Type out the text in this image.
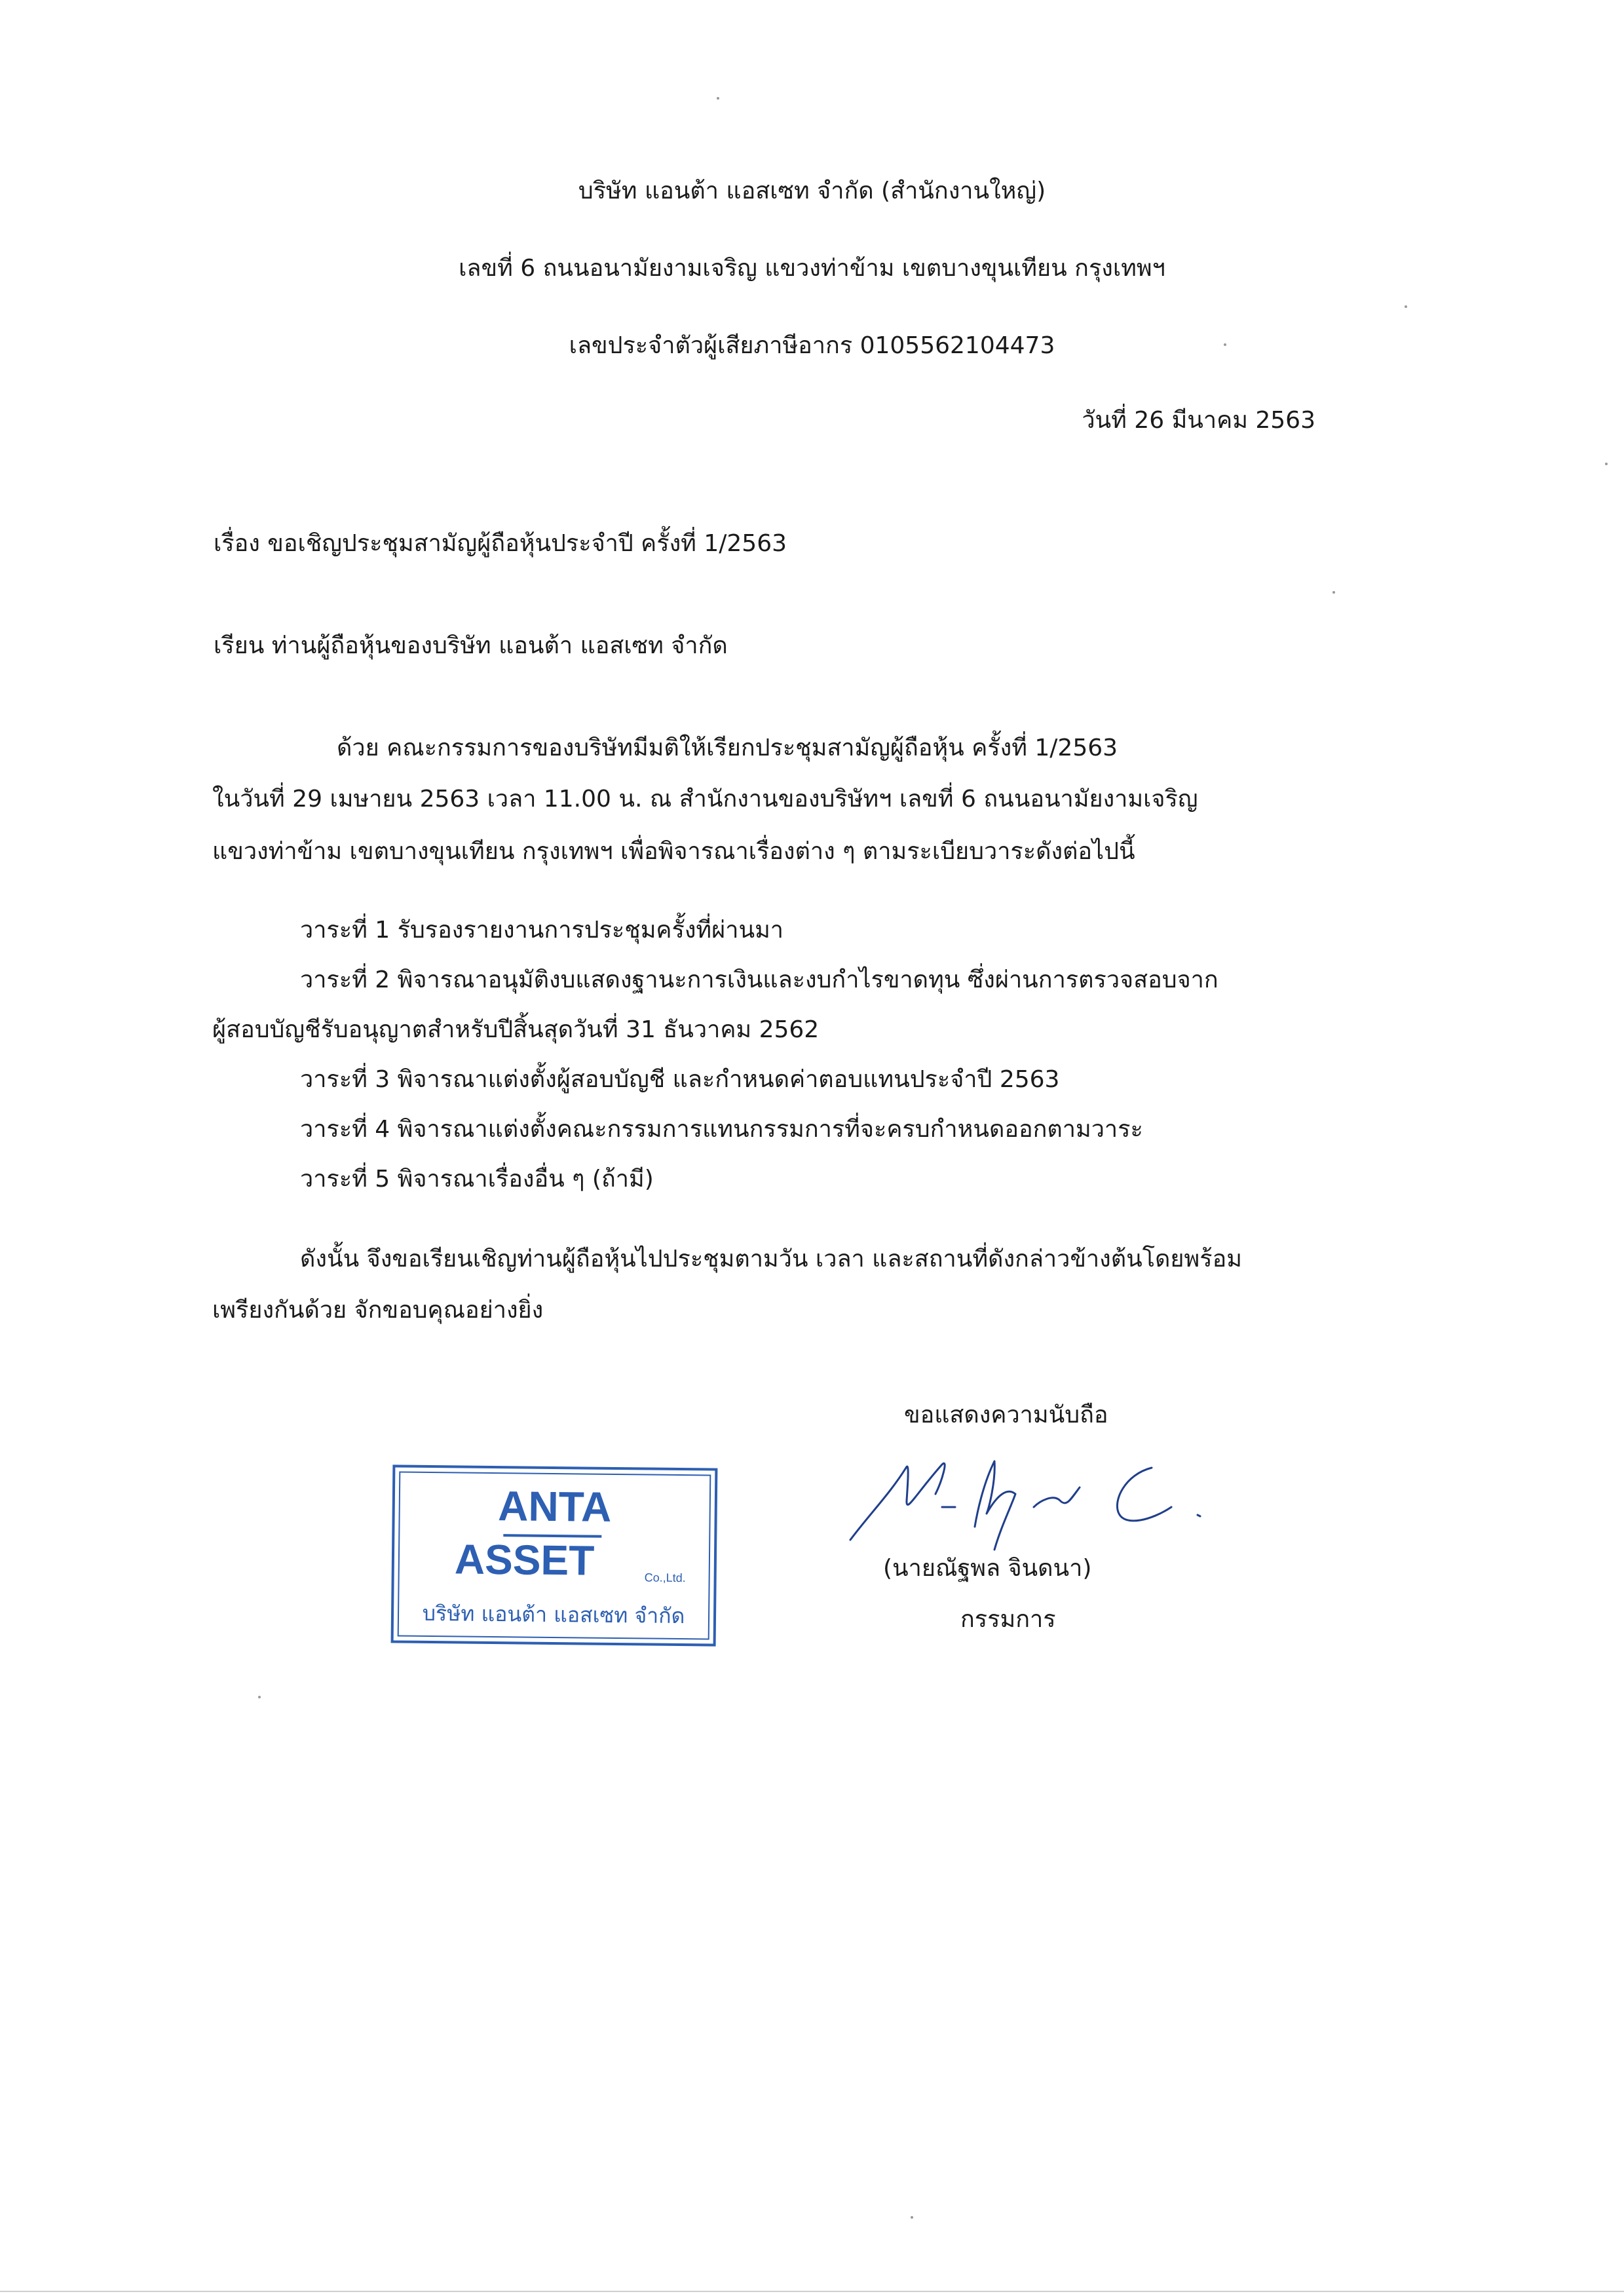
บริษัท แอนต้า แอสเซท จำกัด (สำนักงานใหญ่)
เลขที่ 6 ถนนอนามัยงามเจริญ แขวงท่าข้าม เขตบางขุนเทียน กรุงเทพฯ
เลขประจำตัวผู้เสียภาษีอากร 0105562104473
วันที่ 26 มีนาคม 2563
เรื่อง ขอเชิญประชุมสามัญผู้ถือหุ้นประจำปี ครั้งที่ 1/2563
เรียน ท่านผู้ถือหุ้นของบริษัท แอนต้า แอสเซท จำกัด
ด้วย คณะกรรมการของบริษัทมีมติให้เรียกประชุมสามัญผู้ถือหุ้น ครั้งที่ 1/2563
ในวันที่ 29 เมษายน 2563 เวลา 11.00 น. ณ สำนักงานของบริษัทฯ เลขที่ 6 ถนนอนามัยงามเจริญ
แขวงท่าข้าม เขตบางขุนเทียน กรุงเทพฯ เพื่อพิจารณาเรื่องต่าง ๆ ตามระเบียบวาระดังต่อไปนี้
วาระที่ 1 รับรองรายงานการประชุมครั้งที่ผ่านมา
วาระที่ 2 พิจารณาอนุมัติงบแสดงฐานะการเงินและงบกำไรขาดทุน ซึ่งผ่านการตรวจสอบจาก
ผู้สอบบัญชีรับอนุญาตสำหรับปีสิ้นสุดวันที่ 31 ธันวาคม 2562
วาระที่ 3 พิจารณาแต่งตั้งผู้สอบบัญชี และกำหนดค่าตอบแทนประจำปี 2563
วาระที่ 4 พิจารณาแต่งตั้งคณะกรรมการแทนกรรมการที่จะครบกำหนดออกตามวาระ
วาระที่ 5 พิจารณาเรื่องอื่น ๆ (ถ้ามี)
ดังนั้น จึงขอเรียนเชิญท่านผู้ถือหุ้นไปประชุมตามวัน เวลา และสถานที่ดังกล่าวข้างต้นโดยพร้อม
เพรียงกันด้วย จักขอบคุณอย่างยิ่ง
ขอแสดงความนับถือ
(นายณัฐพล จินดนา)
กรรมการ
ANTA
ASSET	Co.,Ltd.
บริษัท แอนต้า แอสเซท จำกัด
